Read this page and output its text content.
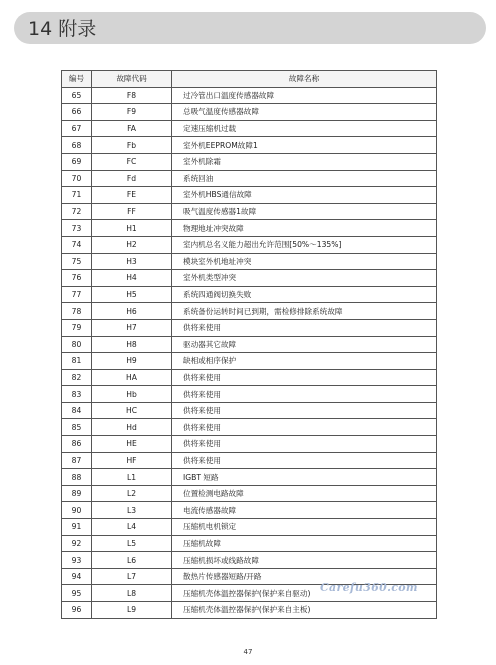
14 附录
编号	故障代码	故障名称
65	F8	过冷管出口温度传感器故障
66	F9	总吸气温度传感器故障
67	FA	定速压缩机过载
68	Fb	室外机EEPROM故障1
69	FC	室外机除霜
70	Fd	系统回油
71	FE	室外机HBS通信故障
72	FF	吸气温度传感器1故障
73	H1	物理地址冲突故障
74	H2	室内机总名义能力超出允许范围[50%～135%]
75	H3	模块室外机地址冲突
76	H4	室外机类型冲突
77	H5	系统四通阀切换失败
78	H6	系统备份运转时间已到期，需检修排除系统故障
79	H7	供将来使用
80	H8	驱动器其它故障
81	H9	缺相或相序保护
82	HA	供将来使用
83	Hb	供将来使用
84	HC	供将来使用
85	Hd	供将来使用
86	HE	供将来使用
87	HF	供将来使用
88	L1	IGBT 短路
89	L2	位置检测电路故障
90	L3	电流传感器故障
91	L4	压缩机电机锁定
92	L5	压缩机故障
93	L6	压缩机损坏或线路故障
94	L7	散热片传感器短路/开路
95	L8	压缩机壳体温控器保护(保护来自驱动)
96	L9	压缩机壳体温控器保护(保护来自主板)
Carefu360.com
47
